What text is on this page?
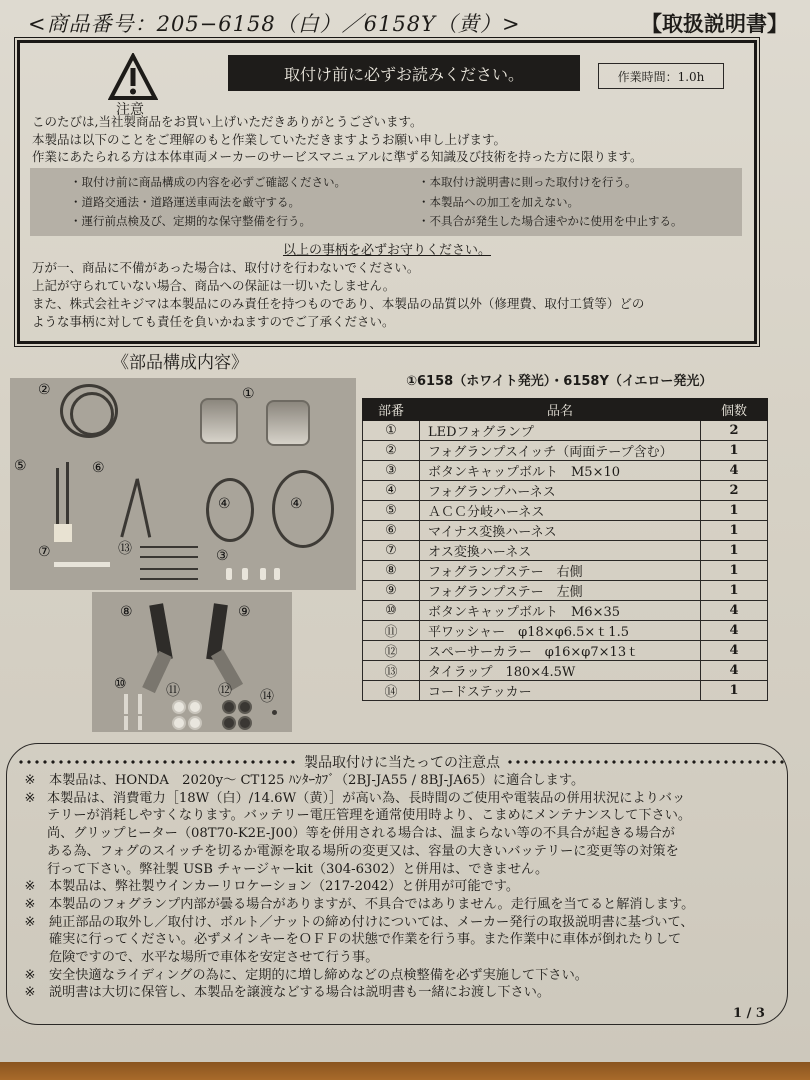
<商品番号：205−6158（白）／6158Y（黄）>	【取扱説明書】
注意
取付け前に必ずお読みください。	作業時間：1.0h
このたびは,当社製商品をお買い上げいただきありがとうございます。
本製品は以下のことをご理解のもと作業していただきますようお願い申し上げます。
作業にあたられる方は本体車両メーカーのサービスマニュアルに準ずる知識及び技術を持った方に限ります。
・取付け前に商品構成の内容を必ずご確認ください。
・道路交通法・道路運送車両法を厳守する。
・運行前点検及び、定期的な保守整備を行う。
・本取付け説明書に則った取付けを行う。
・本製品への加工を加えない。
・不具合が発生した場合速やかに使用を中止する。
以上の事柄を必ずお守りください。
万が一、商品に不備があった場合は、取付けを行わないでください。
上記が守られていない場合、商品への保証は一切いたしません。
また、株式会社キジマは本製品にのみ責任を持つものであり、本製品の品質以外（修理費、取付工賃等）どの
ような事柄に対しても責任を負いかねますのでご了承ください。
《部品構成内容》
②	①
⑤	⑥
④	④
⑦	⑬	③
⑧	⑨
⑩	⑪	⑫ ⑭
①6158（ホワイト発光）・6158Y（イエロー発光）
部番	品名	個数
①	LEDフォグランプ	2
②	フォグランプスイッチ（両面テープ含む）	1
③	ボタンキャップボルト　M5×10	4
④	フォグランプハーネス	2
⑤	ＡＣＣ分岐ハーネス	1
⑥	マイナス変換ハーネス	1
⑦	オス変換ハーネス	1
⑧	フォグランプステー　右側	1
⑨	フォグランプステー　左側	1
⑩	ボタンキャップボルト　M6×35	4
⑪	平ワッシャー　φ18×φ6.5×ｔ1.5	4
⑫	スペーサーカラー　φ16×φ7×13ｔ	4
⑬	タイラップ　180×4.5W	4
⑭	コードステッカー	1
製品取付けに当たっての注意点
※	本製品は、HONDA　2020y～ CT125 ﾊﾝﾀｰｶﾌﾞ（2BJ-JA55 / 8BJ-JA65）に適合します。
※ 本製品は、消費電力［18W（白）/14.6W（黄）］が高い為、長時間のご使用や電装品の併用状況によりバッ
テリーが消耗しやすくなります。バッテリー電圧管理を通常使用時より、こまめにメンテナンスして下さい。
尚、グリップヒーター（08T70-K2E-J00）等を併用される場合は、温まらない等の不具合が起きる場合が
ある為、フォグのスイッチを切るか電源を取る場所の変更又は、容量の大きいバッテリーに変更等の対策を
行って下さい。弊社製 USB チャージャーkit（304-6302）と併用は、できません。
※	本製品は、弊社製ウインカーリロケーション（217-2042）と併用が可能です。
※	本製品のフォグランプ内部が曇る場合がありますが、不具合ではありません。走行風を当てると解消します。
※	純正部品の取外し／取付け、ボルト／ナットの締め付けについては、メーカー発行の取扱説明書に基づいて、
確実に行ってください。必ずメインキーをＯＦＦの状態で作業を行う事。また作業中に車体が倒れたりして
危険ですので、水平な場所で車体を安定させて行う事。
※	安全快適なライディングの為に、定期的に増し締めなどの点検整備を必ず実施して下さい。
※	説明書は大切に保管し、本製品を譲渡などする場合は説明書も一緒にお渡し下さい。
1 / 3
